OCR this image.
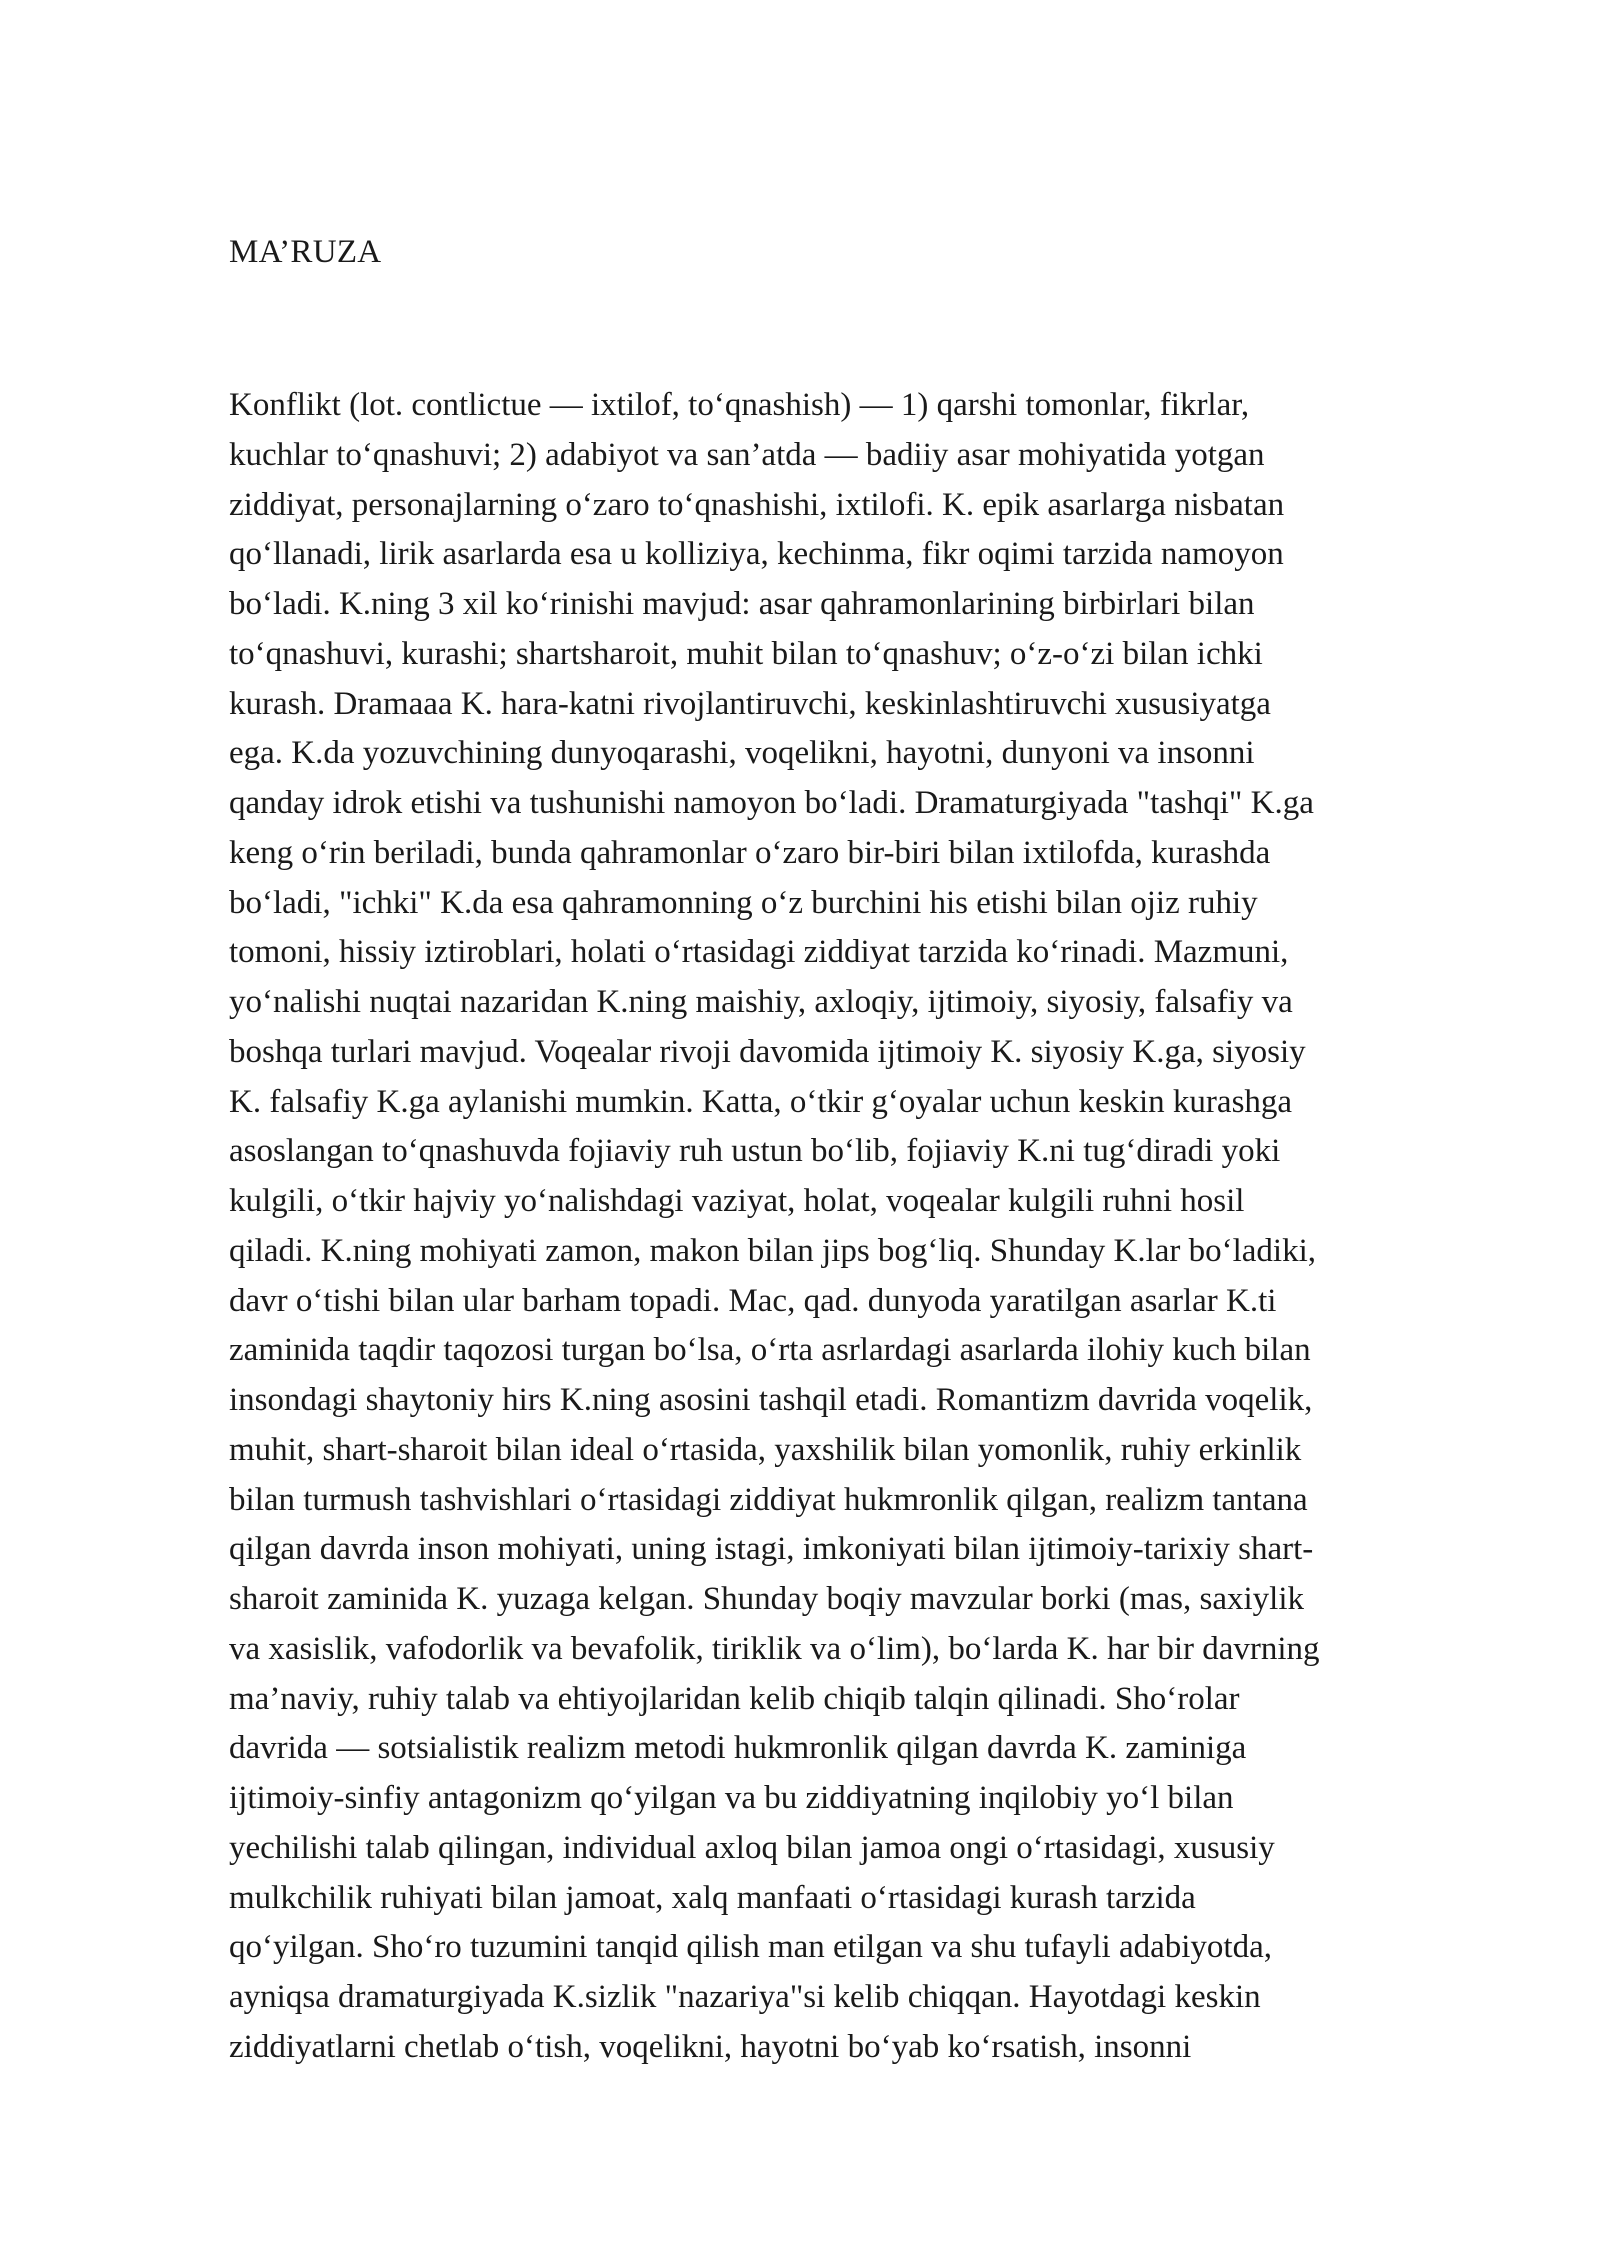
MA’RUZA
Konflikt (lot. contlictue — ixtilof, to‘qnashish) — 1) qarshi tomonlar, fikrlar,
kuchlar to‘qnashuvi; 2) adabiyot va san’atda — badiiy asar mohiyatida yotgan
ziddiyat, personajlarning o‘zaro to‘qnashishi, ixtilofi. K. epik asarlarga nisbatan
qo‘llanadi, lirik asarlarda esa u kolliziya, kechinma, fikr oqimi tarzida namoyon
bo‘ladi. K.ning 3 xil ko‘rinishi mavjud: asar qahramonlarining birbirlari bilan
to‘qnashuvi, kurashi; shartsharoit, muhit bilan to‘qnashuv; o‘z-o‘zi bilan ichki
kurash. Dramaaa K. hara-katni rivojlantiruvchi, keskinlashtiruvchi xususiyatga
ega. K.da yozuvchining dunyoqarashi, voqelikni, hayotni, dunyoni va insonni
qanday idrok etishi va tushunishi namoyon bo‘ladi. Dramaturgiyada "tashqi" K.ga
keng o‘rin beriladi, bunda qahramonlar o‘zaro bir-biri bilan ixtilofda, kurashda
bo‘ladi, "ichki" K.da esa qahramonning o‘z burchini his etishi bilan ojiz ruhiy
tomoni, hissiy iztiroblari, holati o‘rtasidagi ziddiyat tarzida ko‘rinadi. Mazmuni,
yo‘nalishi nuqtai nazaridan K.ning maishiy, axloqiy, ijtimoiy, siyosiy, falsafiy va
boshqa turlari mavjud. Voqealar rivoji davomida ijtimoiy K. siyosiy K.ga, siyosiy
K. falsafiy K.ga aylanishi mumkin. Katta, o‘tkir g‘oyalar uchun keskin kurashga
asoslangan to‘qnashuvda fojiaviy ruh ustun bo‘lib, fojiaviy K.ni tug‘diradi yoki
kulgili, o‘tkir hajviy yo‘nalishdagi vaziyat, holat, voqealar kulgili ruhni hosil
qiladi. K.ning mohiyati zamon, makon bilan jips bog‘liq. Shunday K.lar bo‘ladiki,
davr o‘tishi bilan ular barham topadi. Mac, qad. dunyoda yaratilgan asarlar K.ti
zaminida taqdir taqozosi turgan bo‘lsa, o‘rta asrlardagi asarlarda ilohiy kuch bilan
insondagi shaytoniy hirs K.ning asosini tashqil etadi. Romantizm davrida voqelik,
muhit, shart-sharoit bilan ideal o‘rtasida, yaxshilik bilan yomonlik, ruhiy erkinlik
bilan turmush tashvishlari o‘rtasidagi ziddiyat hukmronlik qilgan, realizm tantana
qilgan davrda inson mohiyati, uning istagi, imkoniyati bilan ijtimoiy-tarixiy shart-
sharoit zaminida K. yuzaga kelgan. Shunday boqiy mavzular borki (mas, saxiylik
va xasislik, vafodorlik va bevafolik, tiriklik va o‘lim), bo‘larda K. har bir davrning
ma’naviy, ruhiy talab va ehtiyojlaridan kelib chiqib talqin qilinadi. Sho‘rolar
davrida — sotsialistik realizm metodi hukmronlik qilgan davrda K. zaminiga
ijtimoiy-sinfiy antagonizm qo‘yilgan va bu ziddiyatning inqilobiy yo‘l bilan
yechilishi talab qilingan, individual axloq bilan jamoa ongi o‘rtasidagi, xususiy
mulkchilik ruhiyati bilan jamoat, xalq manfaati o‘rtasidagi kurash tarzida
qo‘yilgan. Sho‘ro tuzumini tanqid qilish man etilgan va shu tufayli adabiyotda,
ayniqsa dramaturgiyada K.sizlik "nazariya"si kelib chiqqan. Hayotdagi keskin
ziddiyatlarni chetlab o‘tish, voqelikni, hayotni bo‘yab ko‘rsatish, insonni
